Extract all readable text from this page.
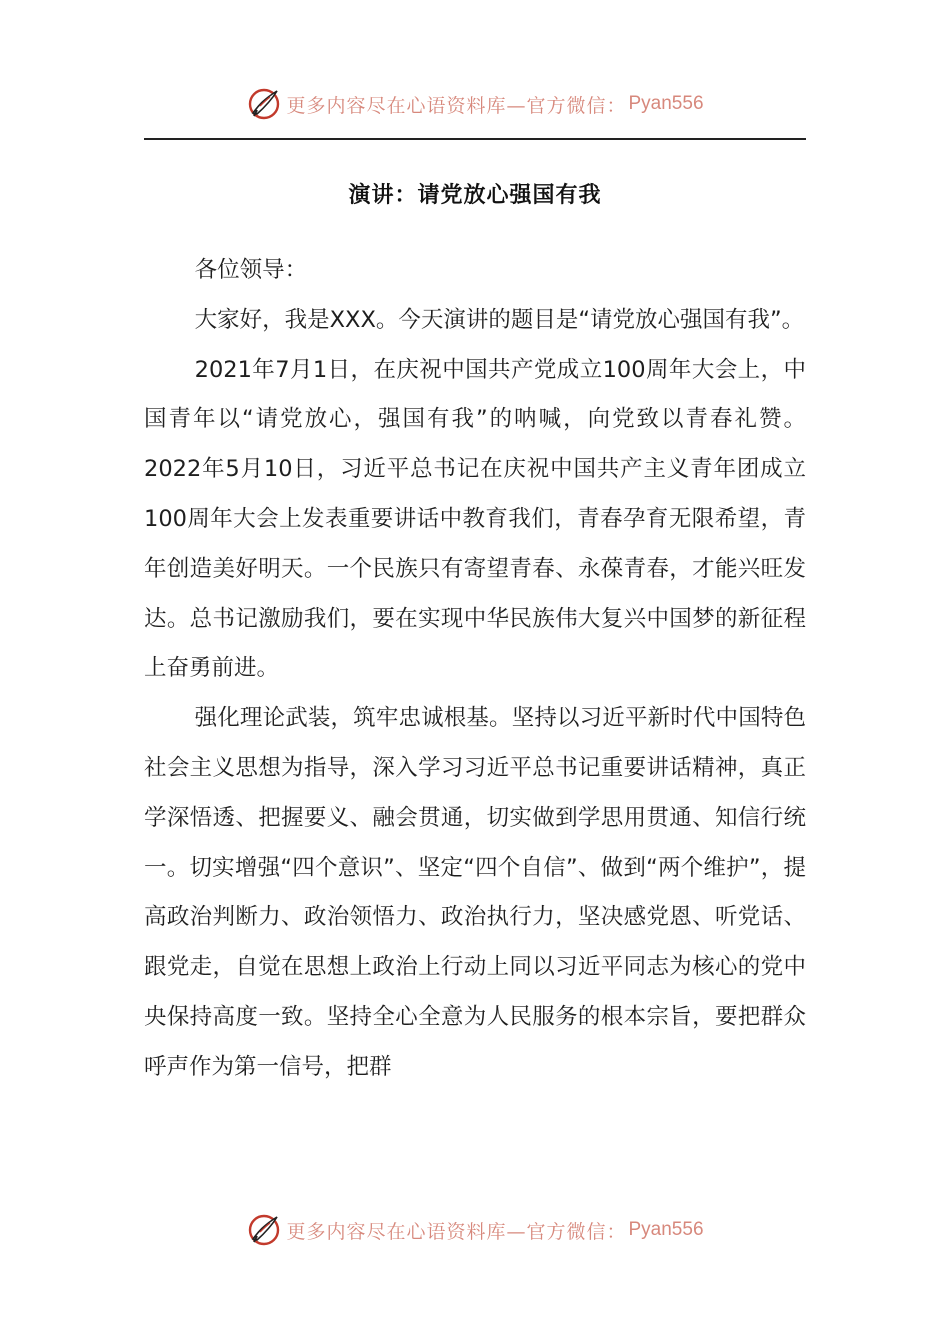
更多内容尽在心语资料库—官方微信： Pyan556
演讲：请党放心强国有我

各位领导：

大家好，我是XXX。今天演讲的题目是“请党放心强国有我”。

2021年7月1日，在庆祝中国共产党成立100周年大会上，中国青年以“请党放心，强国有我”的呐喊，向党致以青春礼赞。2022年5月10日，习近平总书记在庆祝中国共产主义青年团成立100周年大会上发表重要讲话中教育我们，青春孕育无限希望，青年创造美好明天。一个民族只有寄望青春、永葆青春，才能兴旺发达。总书记激励我们，要在实现中华民族伟大复兴中国梦的新征程上奋勇前进。

强化理论武装，筑牢忠诚根基。坚持以习近平新时代中国特色社会主义思想为指导，深入学习习近平总书记重要讲话精神，真正学深悟透、把握要义、融会贯通，切实做到学思用贯通、知信行统一。切实增强“四个意识”、坚定“四个自信”、做到“两个维护”，提高政治判断力、政治领悟力、政治执行力，坚决感党恩、听党话、跟党走，自觉在思想上政治上行动上同以习近平同志为核心的党中央保持高度一致。坚持全心全意为人民服务的根本宗旨，要把群众呼声作为第一信号，把群

更多内容尽在心语资料库—官方微信： Pyan556
